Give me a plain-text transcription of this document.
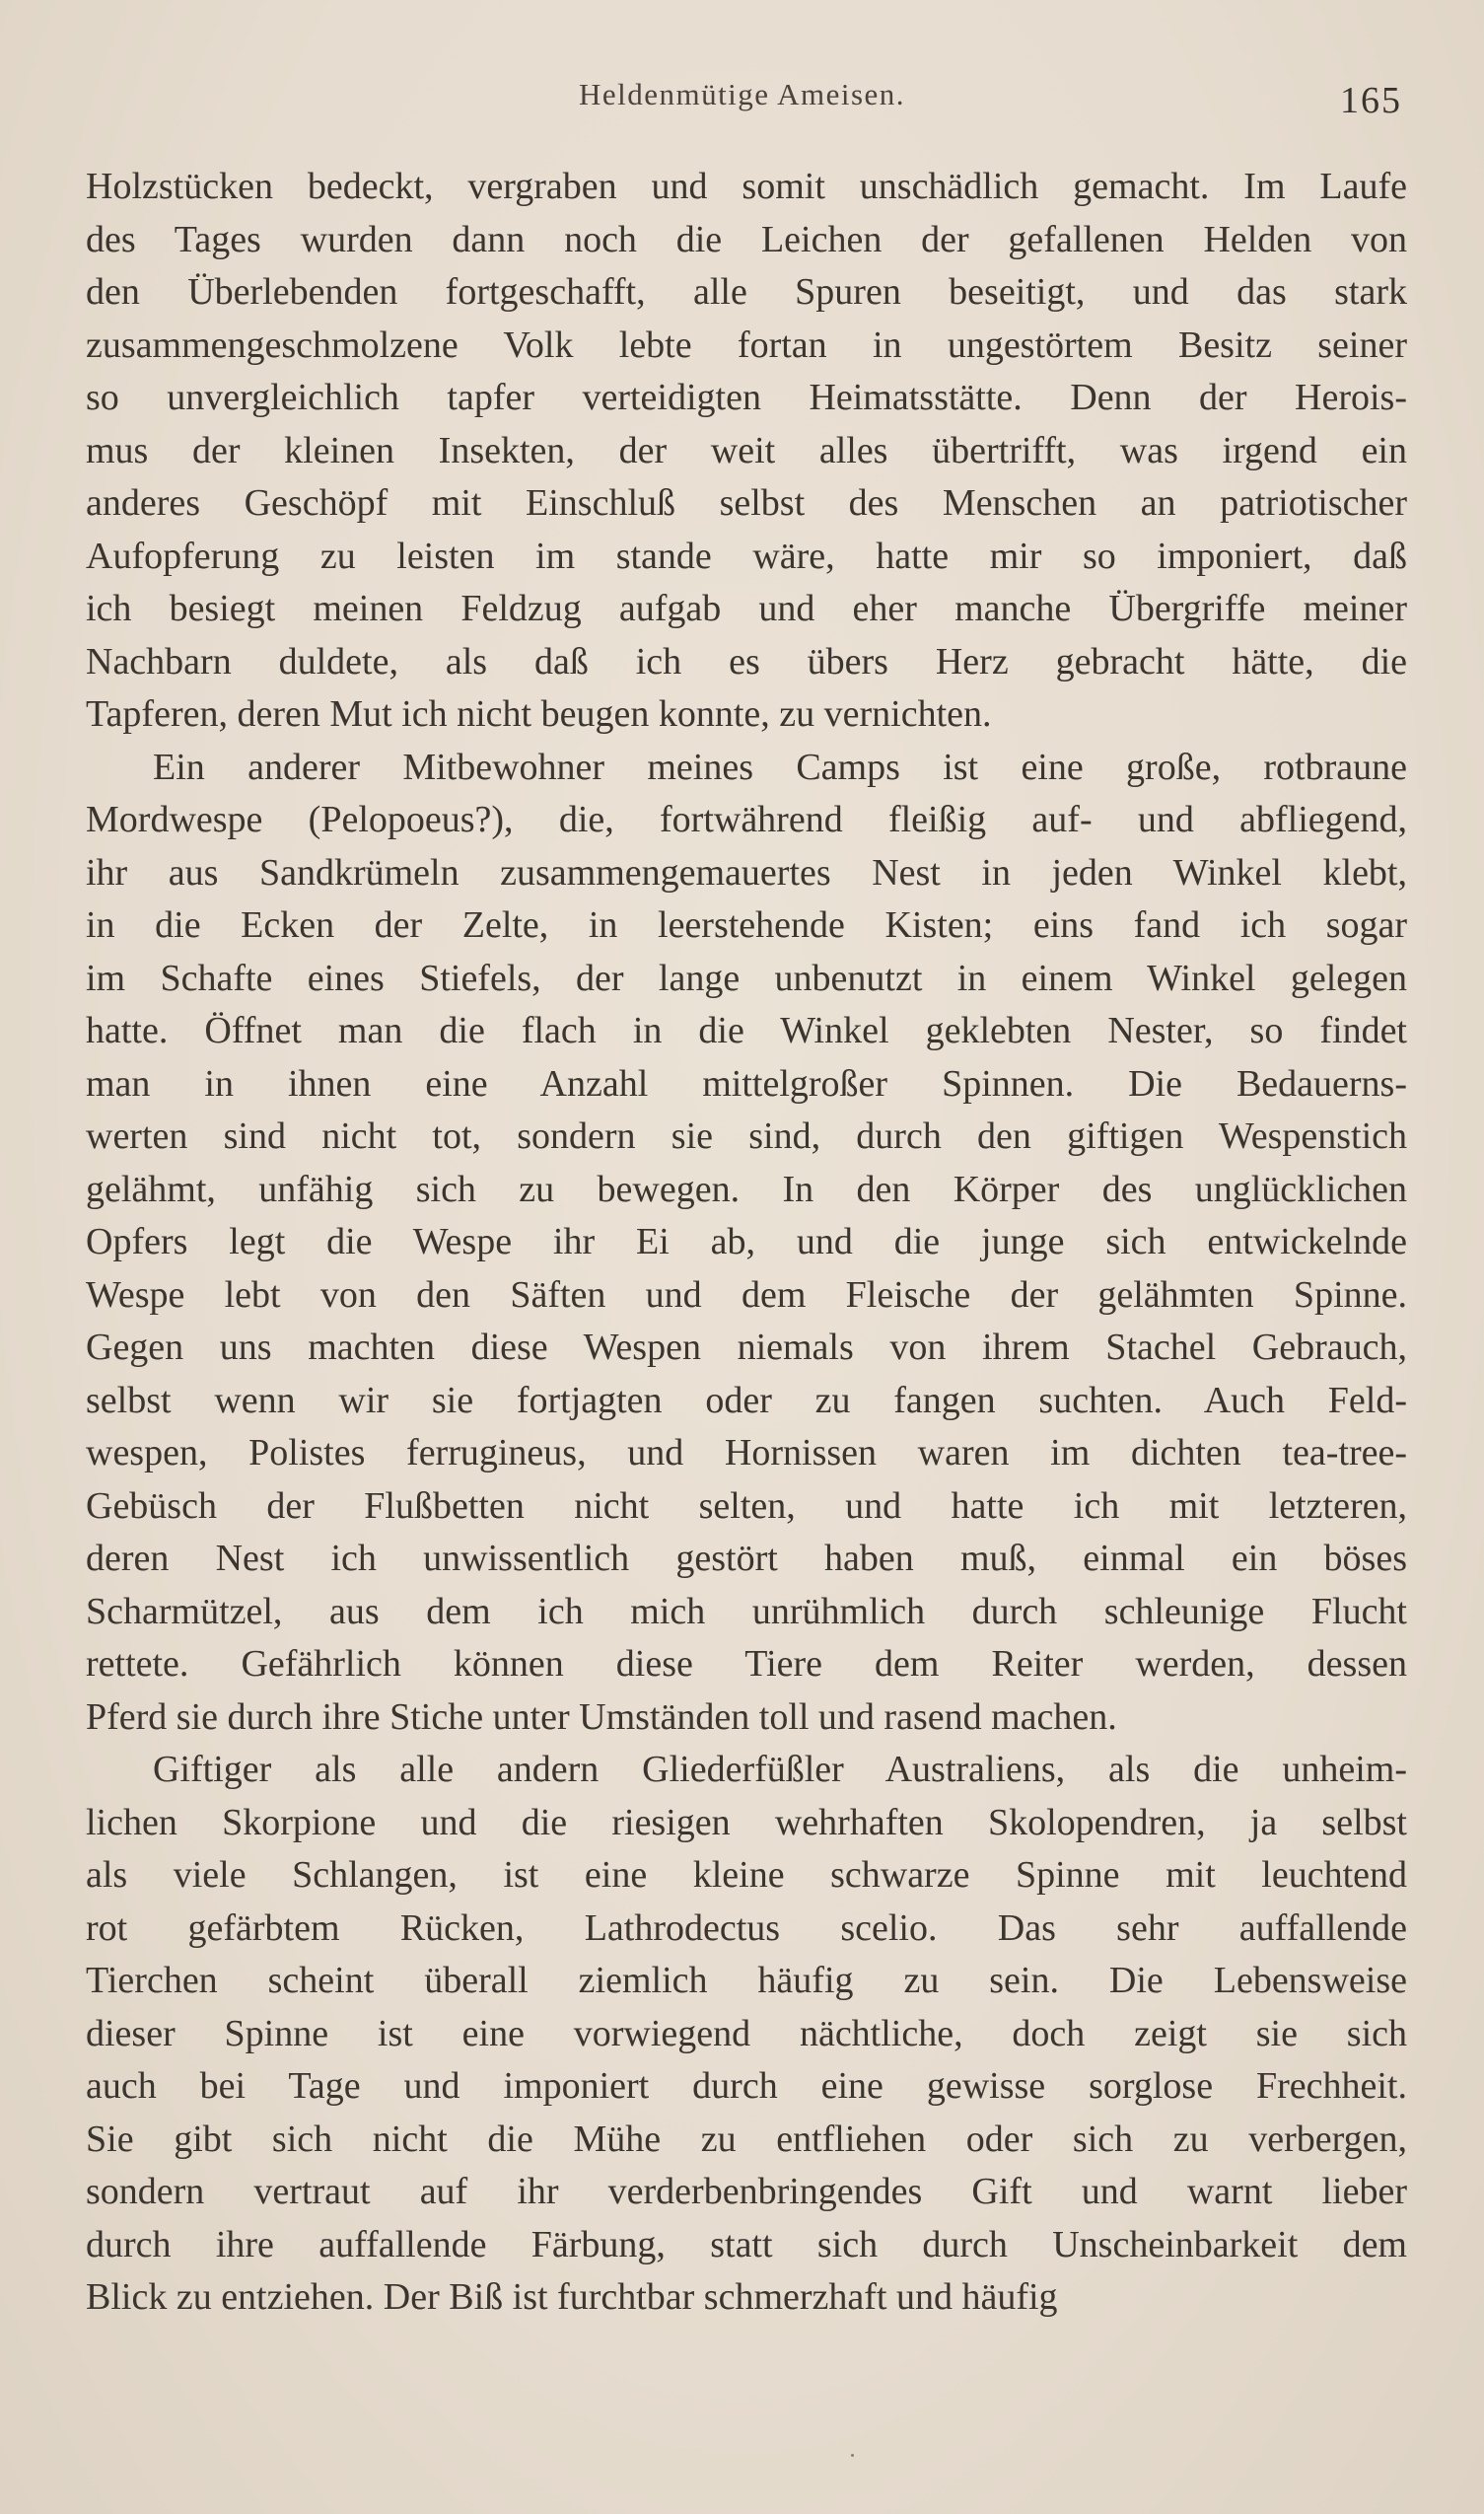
Heldenmütige Ameisen.	165
Holzstücken bedeckt, vergraben und somit unschädlich gemacht. Im Laufe
des Tages wurden dann noch die Leichen der gefallenen Helden von
den Überlebenden fortgeschafft, alle Spuren beseitigt, und das stark
zusammengeschmolzene Volk lebte fortan in ungestörtem Besitz seiner
so unvergleichlich tapfer verteidigten Heimatsstätte. Denn der Herois-
mus der kleinen Insekten, der weit alles übertrifft, was irgend ein
anderes Geschöpf mit Einschluß selbst des Menschen an patriotischer
Aufopferung zu leisten im stande wäre, hatte mir so imponiert, daß
ich besiegt meinen Feldzug aufgab und eher manche Übergriffe meiner
Nachbarn duldete, als daß ich es übers Herz gebracht hätte, die
Tapferen, deren Mut ich nicht beugen konnte, zu vernichten.
Ein anderer Mitbewohner meines Camps ist eine große, rotbraune
Mordwespe (Pelopoeus?), die, fortwährend fleißig auf- und abfliegend,
ihr aus Sandkrümeln zusammengemauertes Nest in jeden Winkel klebt,
in die Ecken der Zelte, in leerstehende Kisten; eins fand ich sogar
im Schafte eines Stiefels, der lange unbenutzt in einem Winkel gelegen
hatte. Öffnet man die flach in die Winkel geklebten Nester, so findet
man in ihnen eine Anzahl mittelgroßer Spinnen. Die Bedauerns-
werten sind nicht tot, sondern sie sind, durch den giftigen Wespenstich
gelähmt, unfähig sich zu bewegen. In den Körper des unglücklichen
Opfers legt die Wespe ihr Ei ab, und die junge sich entwickelnde
Wespe lebt von den Säften und dem Fleische der gelähmten Spinne.
Gegen uns machten diese Wespen niemals von ihrem Stachel Gebrauch,
selbst wenn wir sie fortjagten oder zu fangen suchten. Auch Feld-
wespen, Polistes ferrugineus, und Hornissen waren im dichten tea-tree-
Gebüsch der Flußbetten nicht selten, und hatte ich mit letzteren,
deren Nest ich unwissentlich gestört haben muß, einmal ein böses
Scharmützel, aus dem ich mich unrühmlich durch schleunige Flucht
rettete. Gefährlich können diese Tiere dem Reiter werden, dessen
Pferd sie durch ihre Stiche unter Umständen toll und rasend machen.
Giftiger als alle andern Gliederfüßler Australiens, als die unheim-
lichen Skorpione und die riesigen wehrhaften Skolopendren, ja selbst
als viele Schlangen, ist eine kleine schwarze Spinne mit leuchtend
rot gefärbtem Rücken, Lathrodectus scelio. Das sehr auffallende
Tierchen scheint überall ziemlich häufig zu sein. Die Lebensweise
dieser Spinne ist eine vorwiegend nächtliche, doch zeigt sie sich
auch bei Tage und imponiert durch eine gewisse sorglose Frechheit.
Sie gibt sich nicht die Mühe zu entfliehen oder sich zu verbergen,
sondern vertraut auf ihr verderbenbringendes Gift und warnt lieber
durch ihre auffallende Färbung, statt sich durch Unscheinbarkeit dem
Blick zu entziehen. Der Biß ist furchtbar schmerzhaft und häufig
